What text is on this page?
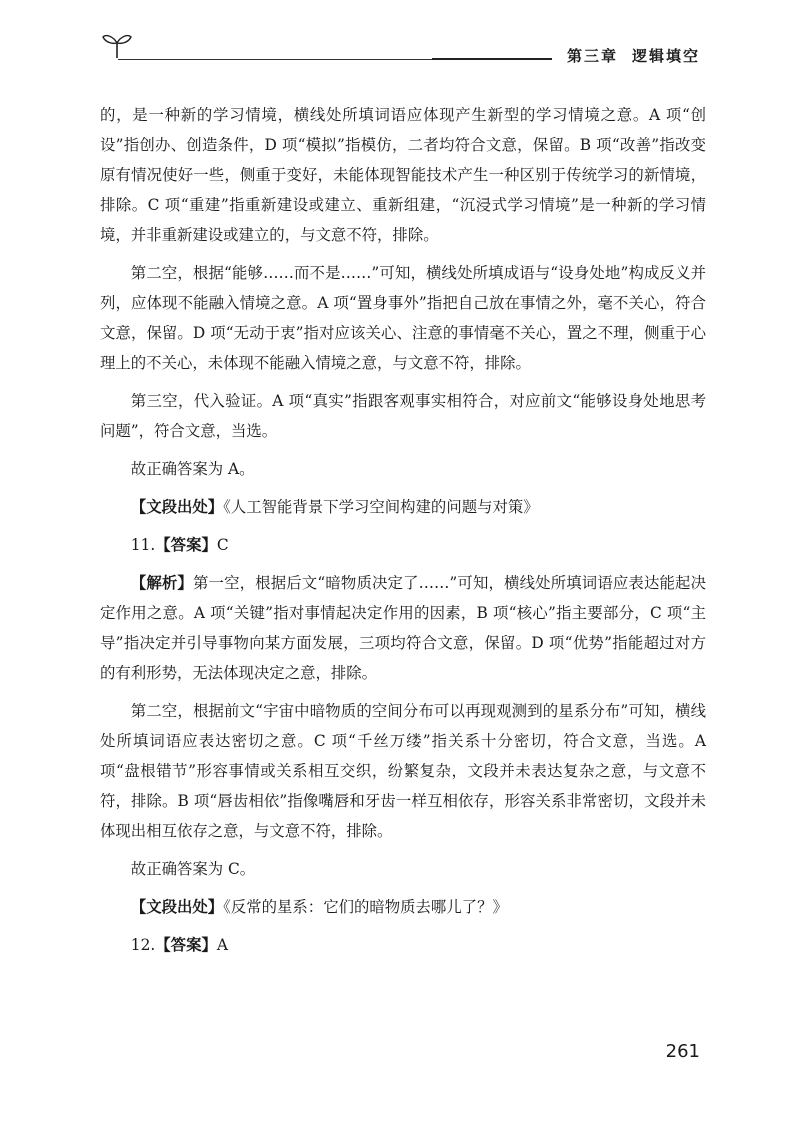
第三章 逻辑填空

的，是一种新的学习情境，横线处所填词语应体现产生新型的学习情境之意。A 项“创设”指创办、创造条件，D 项“模拟”指模仿，二者均符合文意，保留。B 项“改善”指改变原有情况使好一些，侧重于变好，未能体现智能技术产生一种区别于传统学习的新情境，排除。C 项“重建”指重新建设或建立、重新组建，“沉浸式学习情境”是一种新的学习情境，并非重新建设或建立的，与文意不符，排除。

第二空，根据“能够……而不是……”可知，横线处所填成语与“设身处地”构成反义并列，应体现不能融入情境之意。A 项“置身事外”指把自己放在事情之外，毫不关心，符合文意，保留。D 项“无动于衷”指对应该关心、注意的事情毫不关心，置之不理，侧重于心理上的不关心，未体现不能融入情境之意，与文意不符，排除。

第三空，代入验证。A 项“真实”指跟客观事实相符合，对应前文“能够设身处地思考问题”，符合文意，当选。

故正确答案为 A。

【文段出处】《人工智能背景下学习空间构建的问题与对策》

11.【答案】C

【解析】第一空，根据后文“暗物质决定了……”可知，横线处所填词语应表达能起决定作用之意。A 项“关键”指对事情起决定作用的因素，B 项“核心”指主要部分，C 项“主导”指决定并引导事物向某方面发展，三项均符合文意，保留。D 项“优势”指能超过对方的有利形势，无法体现决定之意，排除。

第二空，根据前文“宇宙中暗物质的空间分布可以再现观测到的星系分布”可知，横线处所填词语应表达密切之意。C 项“千丝万缕”指关系十分密切，符合文意，当选。A 项“盘根错节”形容事情或关系相互交织，纷繁复杂，文段并未表达复杂之意，与文意不符，排除。B 项“唇齿相依”指像嘴唇和牙齿一样互相依存，形容关系非常密切，文段并未体现出相互依存之意，与文意不符，排除。

故正确答案为 C。

【文段出处】《反常的星系：它们的暗物质去哪儿了？》

12.【答案】A

261
